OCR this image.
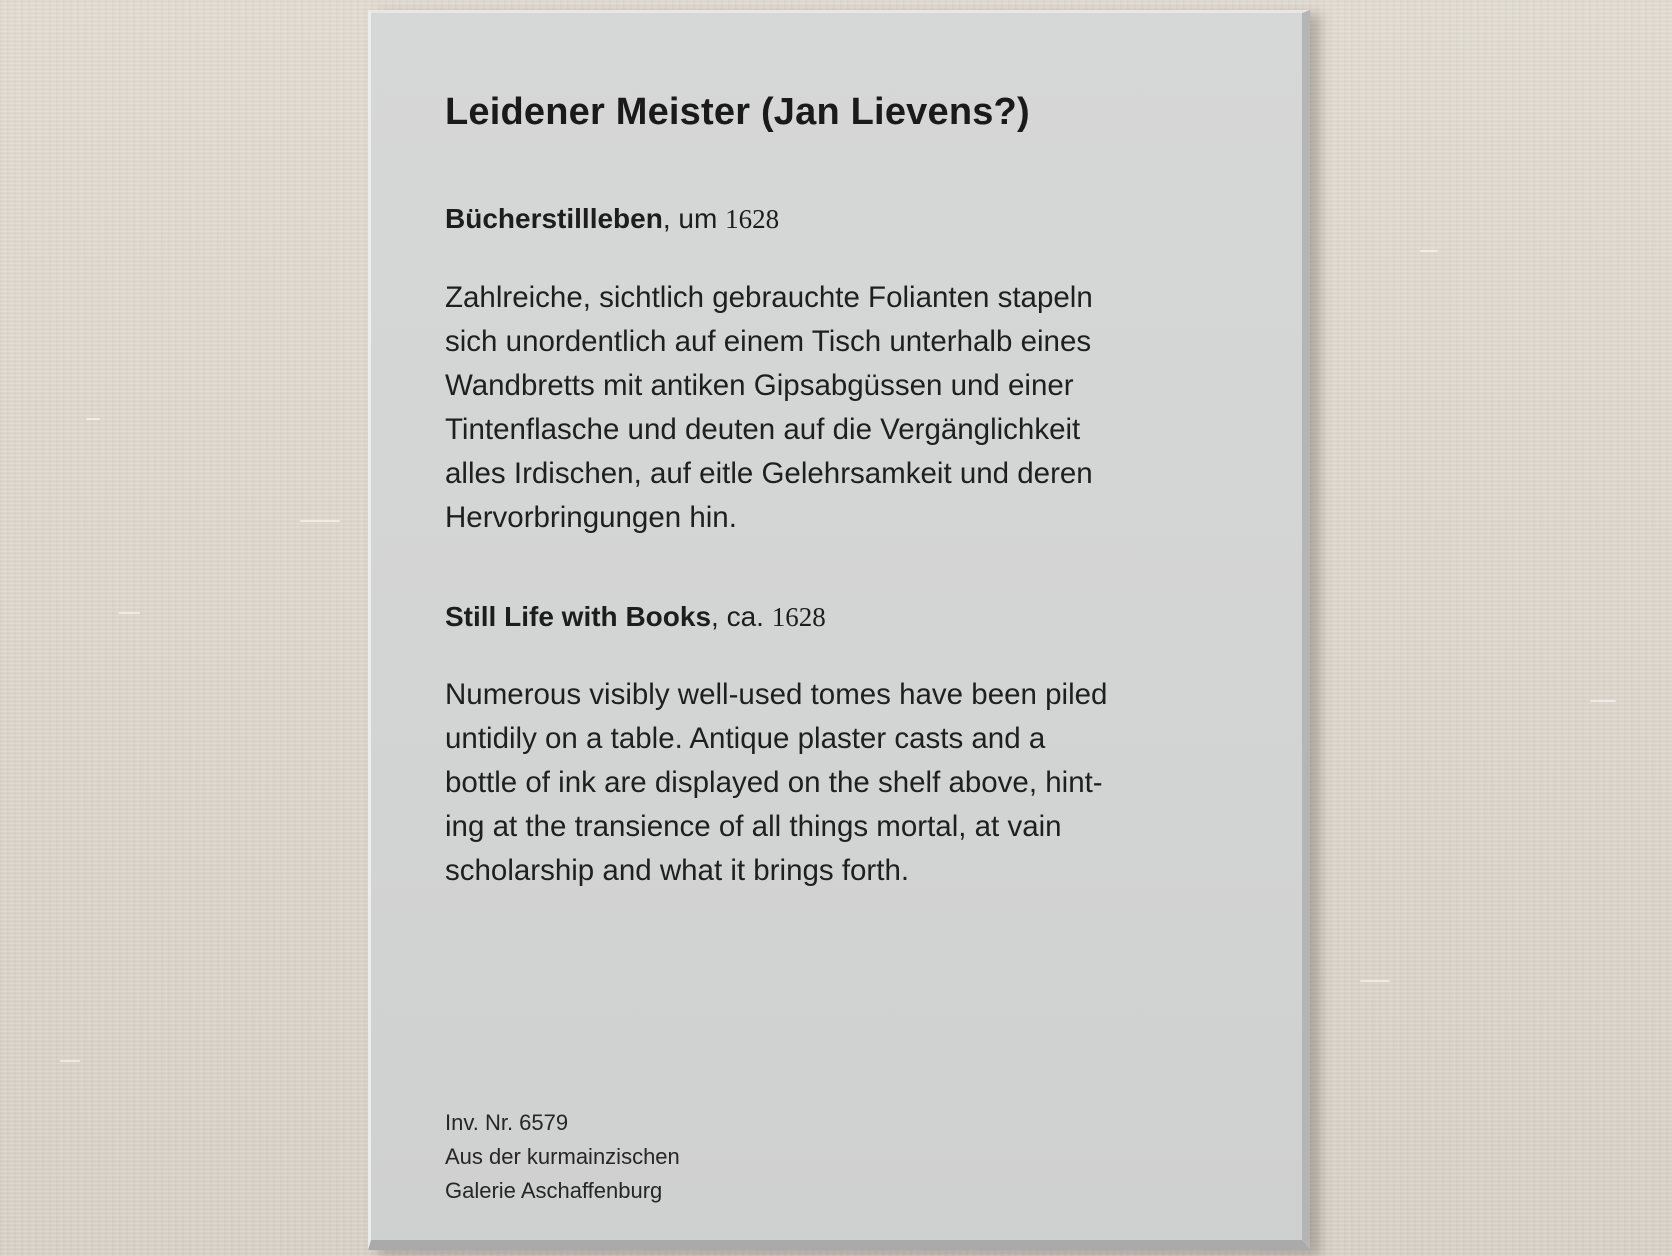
Leidener Meister (Jan Lievens?)
Bücherstillleben, um 1628

Zahlreiche, sichtlich gebrauchte Folianten stapeln

sich unordentlich auf einem Tisch unterhalb eines

Wandbretts mit antiken Gipsabgüssen und einer

Tintenflasche und deuten auf die Vergänglichkeit

alles Irdischen, auf eitle Gelehrsamkeit und deren

Hervorbringungen hin.

Still Life with Books, ca. 1628

Numerous visibly well-used tomes have been piled

untidily on a table. Antique plaster casts and a

bottle of ink are displayed on the shelf above, hint-

ing at the transience of all things mortal, at vain

scholarship and what it brings forth.

Inv. Nr. 6579

Aus der kurmainzischen

Galerie Aschaffenburg
